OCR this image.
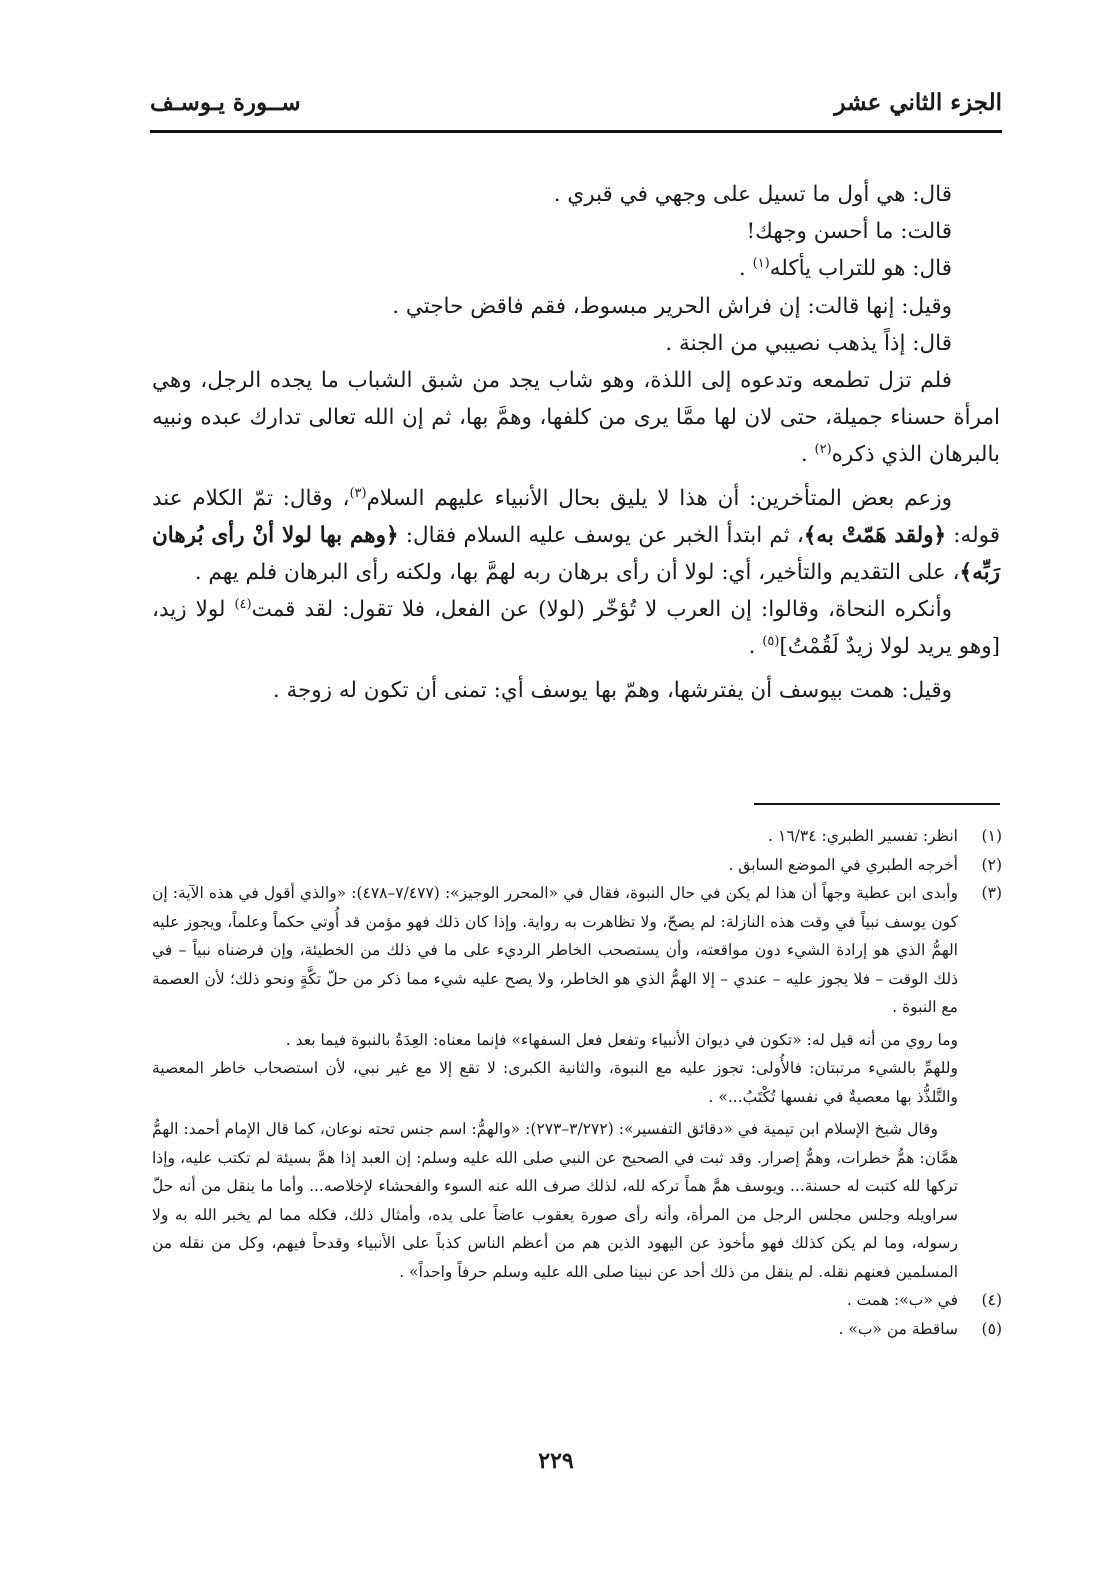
الجزء الثاني عشر
ســورة يـوسـف

قال: هي أول ما تسيل على وجهي في قبري .

قالت: ما أحسن وجهك!

قال: هو للتراب يأكله$^{(١)}$ .

وقيل: إنها قالت: إن فراش الحرير مبسوط، فقم فاقض حاجتي .

قال: إذاً يذهب نصيبي من الجنة .

فلم تزل تطمعه وتدعوه إلى اللذة، وهو شاب يجد من شبق الشباب ما يجده الرجل، وهي امرأة حسناء جميلة، حتى لان لها ممَّا يرى من كلفها، وهمَّ بها، ثم إن الله تعالى تدارك عبده ونبيه بالبرهان الذي ذكره$^{(٢)}$ .

وزعم بعض المتأخرين: أن هذا لا يليق بحال الأنبياء عليهم السلام$^{(٣)}$، وقال: تمّ الكلام عند قوله: ﴿ولقد هَمّتْ به﴾، ثم ابتدأ الخبر عن يوسف عليه السلام فقال: ﴿وهم بها لولا أنْ رأى بُرهان رَبِّه﴾، على التقديم والتأخير، أي: لولا أن رأى برهان ربه لهمَّ بها، ولكنه رأى البرهان فلم يهم .

وأنكره النحاة، وقالوا: إن العرب لا تُؤخّر (لولا) عن الفعل، فلا تقول: لقد قمت$^{(٤)}$ لولا زيد، [وهو يريد لولا زيدٌ لَقُمْتُ]$^{(٥)}$ .

وقيل: همت بيوسف أن يفترشها، وهمّ بها يوسف أي: تمنى أن تكون له زوجة .

(١)
انظر: تفسير الطبري: ١٦/٣٤ .
(٢)
أخرجه الطبري في الموضع السابق .
(٣)

وأبدى ابن عطية وجهاً أن هذا لم يكن في حال النبوة، فقال في «المحرر الوجيز»: (٧/٤٧٧–٤٧٨): «والذي أقول في هذه الآية: إن كون يوسف نبياً في وقت هذه النازلة: لم يصحّ، ولا تظاهرت به رواية. وإذا كان ذلك فهو مؤمن قد أُوتي حكماً وعلماً، ويجوز عليه الهمُّ الذي هو إرادة الشيء دون مواقعته، وأن يستصحب الخاطر الرديء على ما في ذلك من الخطيئة، وإن فرضناه نبياً – في ذلك الوقت – فلا يجوز عليه – عندي – إلا الهمُّ الذي هو الخاطر، ولا يصح عليه شيء مما ذكر من حلّ تكَّةٍ ونحو ذلك؛ لأن العصمة مع النبوة .

وما روي من أنه قيل له: «تكون في ديوان الأنبياء وتفعل فعل السفهاء» فإنما معناه: العِدَةُ بالنبوة فيما بعد .

وللهمِّ بالشيء مرتبتان: فالأُولى: تجوز عليه مع النبوة، والثانية الكبرى: لا تقع إلا مع غير نبي، لأن استصحاب خاطر المعصية والتَّلذُّذ بها معصيةٌ في نفسها تُكْتَبُ...» .

وقال شيخ الإسلام ابن تيمية في «دقائق التفسير»: (٣/٢٧٢–٢٧٣): «والهمُّ: اسم جنس تحته نوعان، كما قال الإمام أحمد: الهمُّ همَّان: همُّ خطرات، وهمُّ إصرار. وقد ثبت في الصحيح عن النبي صلى الله عليه وسلم: إن العبد إذا همَّ بسيئة لم تكتب عليه، وإذا تركها لله كتبت له حسنة... ويوسف همَّ هماً تركه لله، لذلك صرف الله عنه السوء والفحشاء لإخلاصه... وأما ما ينقل من أنه حلّ سراويله وجلس مجلس الرجل من المرأة، وأنه رأى صورة يعقوب عاضاً على يده، وأمثال ذلك، فكله مما لم يخبر الله به ولا رسوله، وما لم يكن كذلك فهو مأخوذ عن اليهود الذين هم من أعظم الناس كذباً على الأنبياء وقدحاً فيهم، وكل من نقله من المسلمين فعنهم نقله. لم ينقل من ذلك أحد عن نبينا صلى الله عليه وسلم حرفاً واحداً» .

(٤)
في «ب»: همت .
(٥)
ساقطة من «ب» .
٢٢٩
